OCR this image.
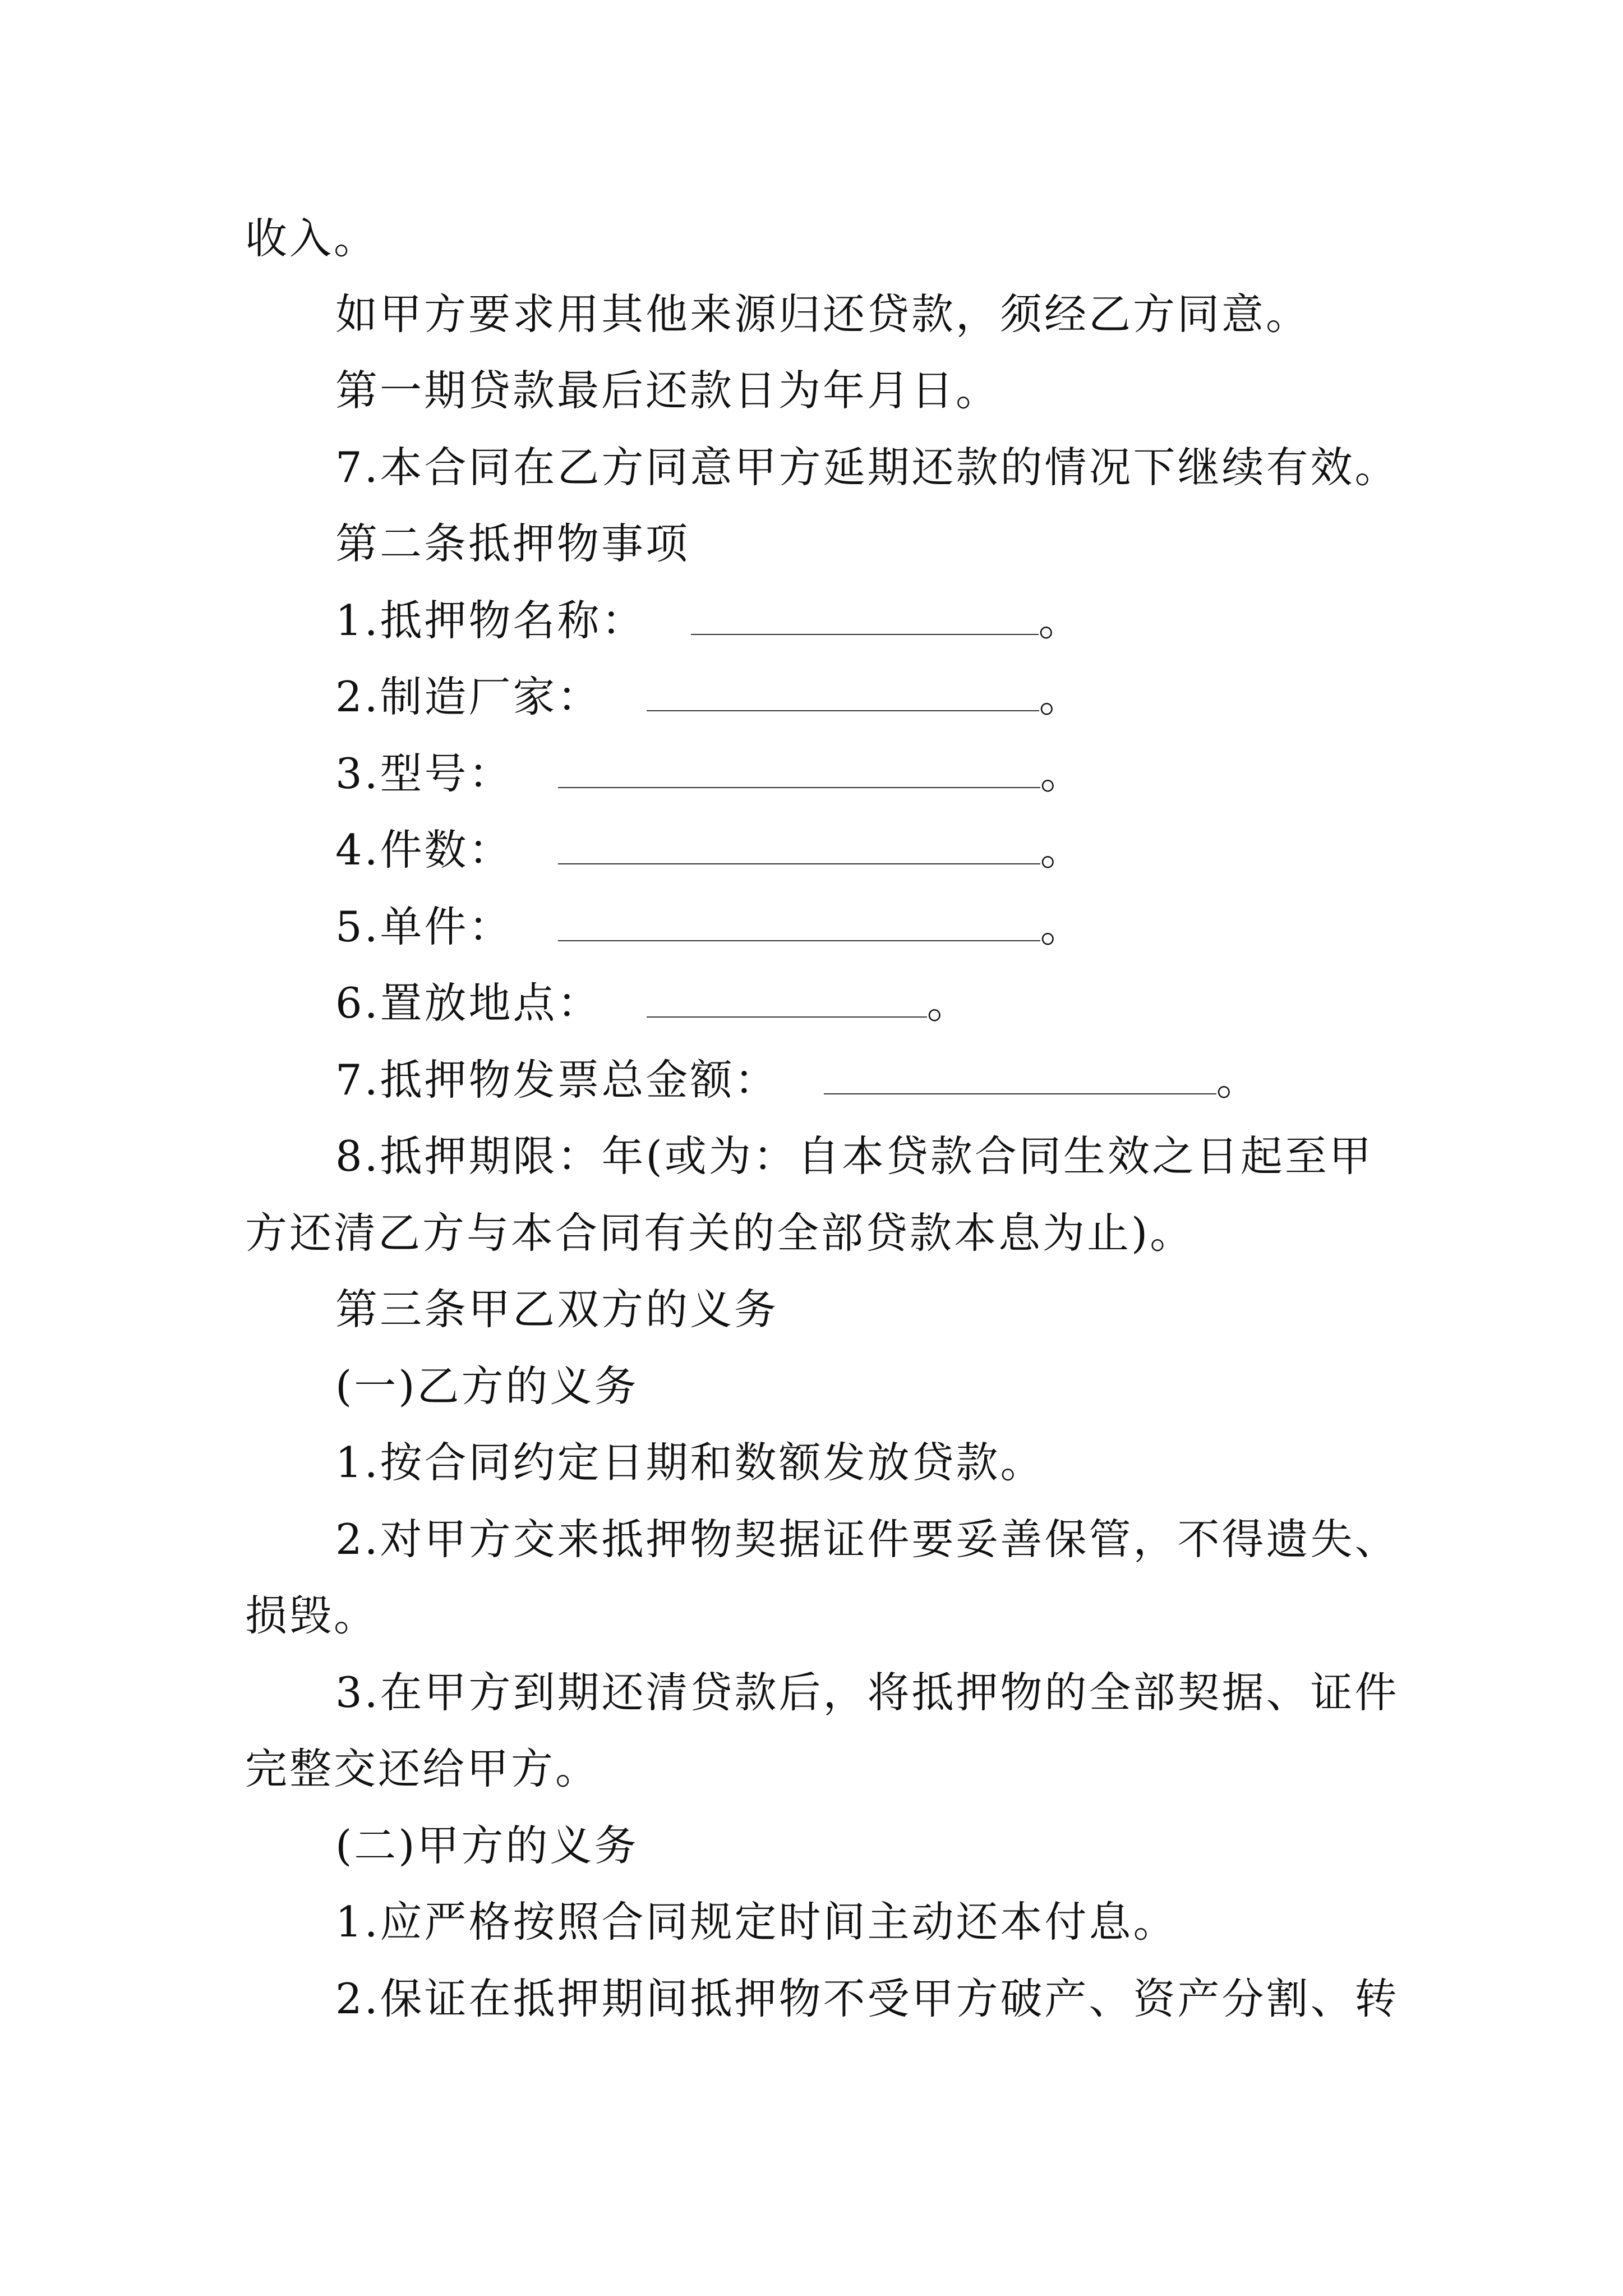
收入。
如甲方要求用其他来源归还贷款，须经乙方同意。
第一期贷款最后还款日为年月日。
7.本合同在乙方同意甲方延期还款的情况下继续有效。
第二条抵押物事项
1.抵押物名称：	。
2.制造厂家：	。
3.型号：	。
4.件数：	。
5.单件：	。
6.置放地点：	。
7.抵押物发票总金额：	。
8.抵押期限：年(或为：自本贷款合同生效之日起至甲
方还清乙方与本合同有关的全部贷款本息为止)。
第三条甲乙双方的义务
(一)乙方的义务
1.按合同约定日期和数额发放贷款。
2.对甲方交来抵押物契据证件要妥善保管，不得遗失、
损毁。
3.在甲方到期还清贷款后，将抵押物的全部契据、证件
完整交还给甲方。
(二)甲方的义务
1.应严格按照合同规定时间主动还本付息。
2.保证在抵押期间抵押物不受甲方破产、资产分割、转
